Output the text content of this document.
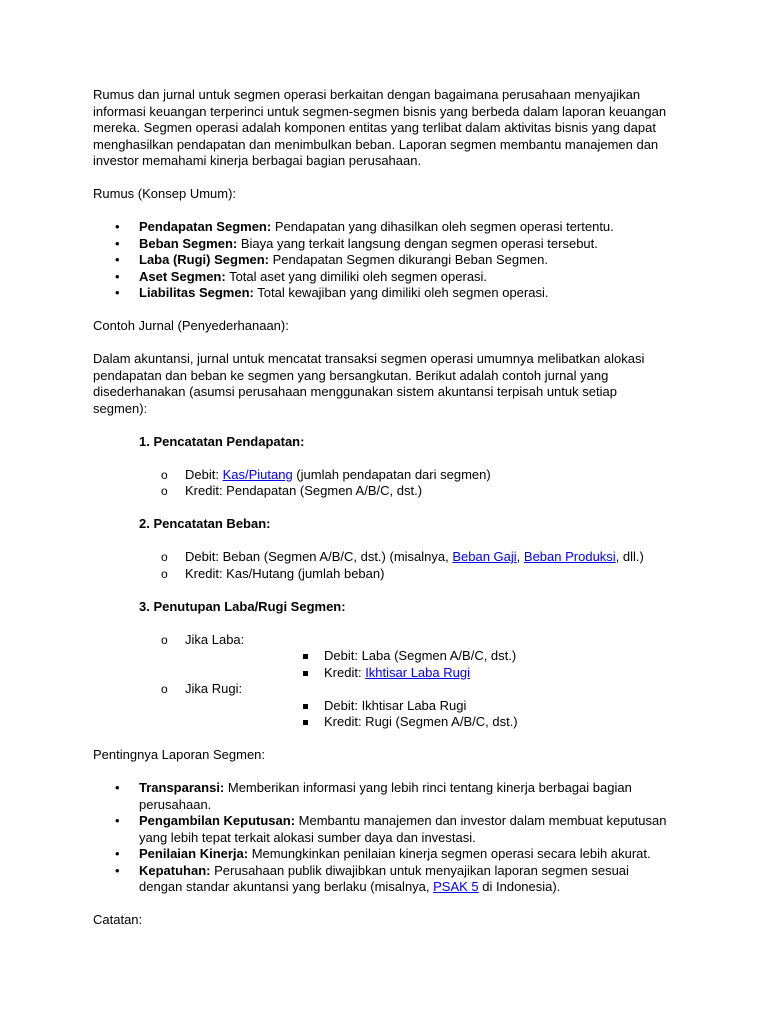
Rumus dan jurnal untuk segmen operasi berkaitan dengan bagaimana perusahaan menyajikan informasi keuangan terperinci untuk segmen-segmen bisnis yang berbeda dalam laporan keuangan mereka. Segmen operasi adalah komponen entitas yang terlibat dalam aktivitas bisnis yang dapat menghasilkan pendapatan dan menimbulkan beban. Laporan segmen membantu manajemen dan investor memahami kinerja berbagai bagian perusahaan.

Rumus (Konsep Umum):

• Pendapatan Segmen: Pendapatan yang dihasilkan oleh segmen operasi tertentu.
• Beban Segmen: Biaya yang terkait langsung dengan segmen operasi tersebut.
• Laba (Rugi) Segmen: Pendapatan Segmen dikurangi Beban Segmen.
• Aset Segmen: Total aset yang dimiliki oleh segmen operasi.
• Liabilitas Segmen: Total kewajiban yang dimiliki oleh segmen operasi.

Contoh Jurnal (Penyederhanaan):

Dalam akuntansi, jurnal untuk mencatat transaksi segmen operasi umumnya melibatkan alokasi pendapatan dan beban ke segmen yang bersangkutan. Berikut adalah contoh jurnal yang disederhanakan (asumsi perusahaan menggunakan sistem akuntansi terpisah untuk setiap segmen):

1. Pencatatan Pendapatan:

o Debit: Kas/Piutang (jumlah pendapatan dari segmen)
o Kredit: Pendapatan (Segmen A/B/C, dst.)

2. Pencatatan Beban:

o Debit: Beban (Segmen A/B/C, dst.) (misalnya, Beban Gaji, Beban Produksi, dll.)
o Kredit: Kas/Hutang (jumlah beban)

3. Penutupan Laba/Rugi Segmen:

o Jika Laba:
Debit: Laba (Segmen A/B/C, dst.)
Kredit: Ikhtisar Laba Rugi
o Jika Rugi:
Debit: Ikhtisar Laba Rugi
Kredit: Rugi (Segmen A/B/C, dst.)

Pentingnya Laporan Segmen:

• Transparansi: Memberikan informasi yang lebih rinci tentang kinerja berbagai bagian perusahaan.
• Pengambilan Keputusan: Membantu manajemen dan investor dalam membuat keputusan yang lebih tepat terkait alokasi sumber daya dan investasi.
• Penilaian Kinerja: Memungkinkan penilaian kinerja segmen operasi secara lebih akurat.
• Kepatuhan: Perusahaan publik diwajibkan untuk menyajikan laporan segmen sesuai dengan standar akuntansi yang berlaku (misalnya, PSAK 5 di Indonesia).

Catatan:
